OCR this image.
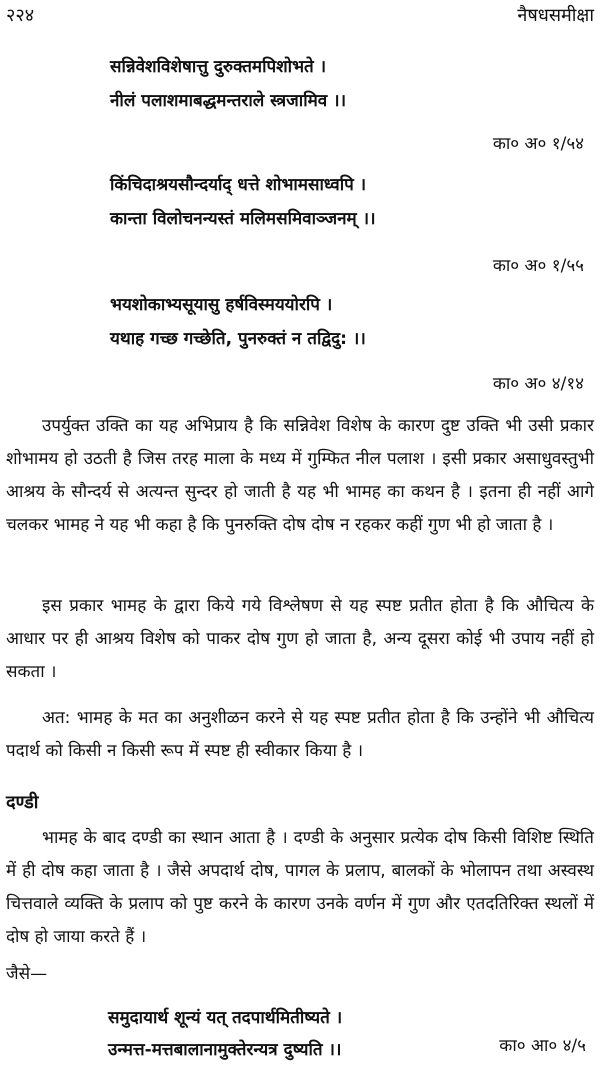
२२४	नैषधसमीक्षा
सन्निवेशविशेषात्तु दुरुक्तमपिशोभते ।
नीलं पलाशमाबद्धमन्तराले स्त्रजामिव ।।
का० अ० १/५४
किंचिदाश्रयसौन्दर्याद् धत्ते शोभामसाध्वपि ।
कान्ता विलोचनन्यस्तं मलिमसमिवाञ्जनम् ।।
का० अ० १/५५
भयशोकाभ्यसूयासु हर्षविस्मययोरपि ।
यथाह गच्छ गच्छेति, पुनरुक्तं न तद्विदु: ।।
का० अ० ४/१४
उपर्युक्त उक्ति का यह अभिप्राय है कि सन्निवेश विशेष के कारण दुष्ट उक्ति भी उसी प्रकार शोभामय हो उठती है जिस तरह माला के मध्य में गुम्फित नील पलाश । इसी प्रकार असाधुवस्तुभी आश्रय के सौन्दर्य से अत्यन्त सुन्दर हो जाती है यह भी भामह का कथन है । इतना ही नहीं आगे चलकर भामह ने यह भी कहा है कि पुनरुक्ति दोष दोष न रहकर कहीं गुण भी हो जाता है ।
इस प्रकार भामह के द्वारा किये गये विश्लेषण से यह स्पष्ट प्रतीत होता है कि औचित्य के आधार पर ही आश्रय विशेष को पाकर दोष गुण हो जाता है, अन्य दूसरा कोई भी उपाय नहीं हो सकता ।
अत: भामह के मत का अनुशीळन करने से यह स्पष्ट प्रतीत होता है कि उन्होंने भी औचित्य पदार्थ को किसी न किसी रूप में स्पष्ट ही स्वीकार किया है ।
दण्डी
भामह के बाद दण्डी का स्थान आता है । दण्डी के अनुसार प्रत्येक दोष किसी विशिष्ट स्थिति में ही दोष कहा जाता है । जैसे अपदार्थ दोष, पागल के प्रलाप, बालकों के भोलापन तथा अस्वस्थ चित्तवाले व्यक्ति के प्रलाप को पुष्ट करने के कारण उनके वर्णन में गुण और एतदतिरिक्त स्थलों में दोष हो जाया करते हैं ।
जैसे—
समुदायार्थ शून्यं यत् तदपार्थमितीष्यते ।
उन्मत्त-मत्तबालानामुक्तेरन्यत्र दुष्यति ।।	का० आ० ४/५
